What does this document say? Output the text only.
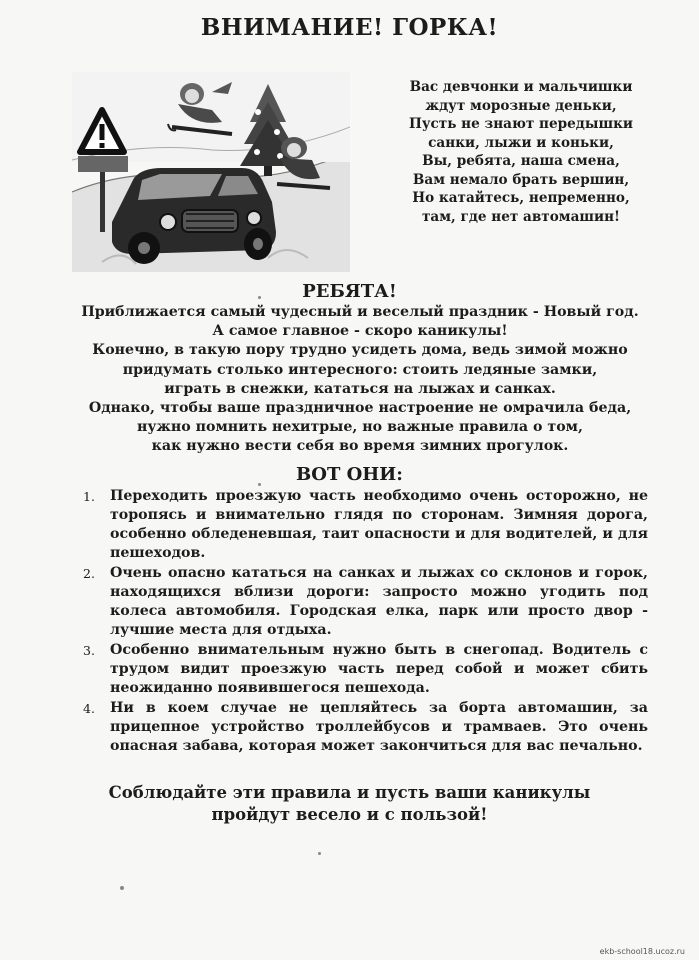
ВНИМАНИЕ! ГОРКА!
Вас девчонки и мальчишки
ждут морозные деньки,
Пусть не знают передышки
санки, лыжи и коньки,
Вы, ребята, наша смена,
Вам немало брать вершин,
Но катайтесь, непременно,
там, где нет автомашин!
РЕБЯТА!
Приближается самый чудесный и веселый праздник - Новый год.
А самое главное - скоро каникулы!
Конечно, в такую пору трудно усидеть дома, ведь зимой можно
придумать столько интересного: стоить ледяные замки,
играть в снежки, кататься на лыжах и санках.
Однако, чтобы ваше праздничное настроение не омрачила беда,
нужно помнить нехитрые, но важные правила о том,
как нужно вести себя во время зимних прогулок.
ВОТ ОНИ:
1. Переходить проезжую часть необходимо очень осторожно, не торопясь и внимательно глядя по сторонам. Зимняя дорога, особенно обледеневшая, таит опасности и для водителей, и для пешеходов.
2. Очень опасно кататься на санках и лыжах со склонов и горок, находящихся вблизи дороги: запросто можно угодить под колеса автомобиля. Городская елка, парк или просто двор - лучшие места для отдыха.
3. Особенно внимательным нужно быть в снегопад. Водитель с трудом видит проезжую часть перед собой и может сбить неожиданно появившегося пешехода.
4. Ни в коем случае не цепляйтесь за борта автомашин, за прицепное устройство троллейбусов и трамваев. Это очень опасная забава, которая может закончиться для вас печально.
Соблюдайте эти правила и пусть ваши каникулы
пройдут весело и с пользой!
ekb-school18.ucoz.ru
